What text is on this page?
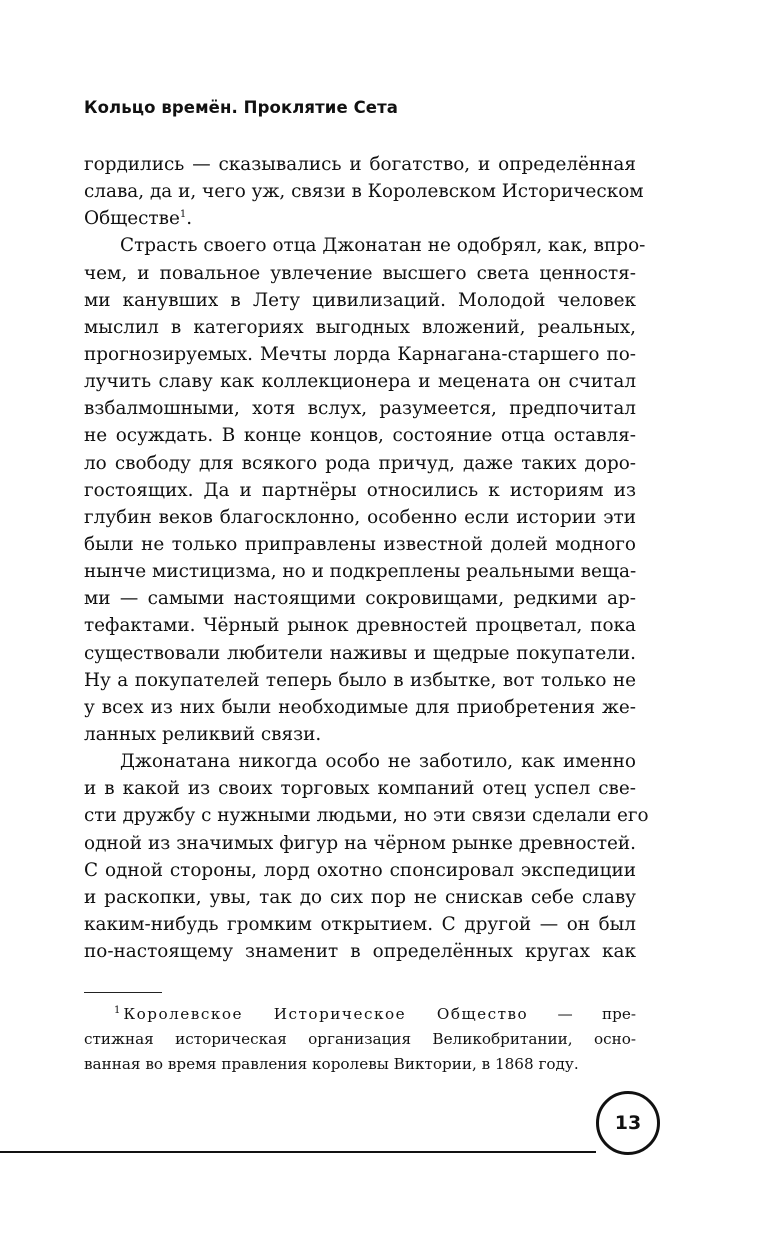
Кольцо времён. Проклятие Сета
гордились — сказывались и богатство, и определённая
слава, да и, чего уж, связи в Королевском Историческом
Обществе$^1$.
Страсть своего отца Джонатан не одобрял, как, впро-
чем, и повальное увлечение высшего света ценностя-
ми канувших в Лету цивилизаций. Молодой человек
мыслил в категориях выгодных вложений, реальных,
прогнозируемых. Мечты лорда Карнагана-старшего по-
лучить славу как коллекционера и мецената он считал
взбалмошными, хотя вслух, разумеется, предпочитал
не осуждать. В конце концов, состояние отца оставля-
ло свободу для всякого рода причуд, даже таких доро-
гостоящих. Да и партнёры относились к историям из
глубин веков благосклонно, особенно если истории эти
были не только приправлены известной долей модного
нынче мистицизма, но и подкреплены реальными веща-
ми — самыми настоящими сокровищами, редкими ар-
тефактами. Чёрный рынок древностей процветал, пока
существовали любители наживы и щедрые покупатели.
Ну а покупателей теперь было в избытке, вот только не
у всех из них были необходимые для приобретения же-
ланных реликвий связи.
Джонатана никогда особо не заботило, как именно
и в какой из своих торговых компаний отец успел све-
сти дружбу с нужными людьми, но эти связи сделали его
одной из значимых фигур на чёрном рынке древностей.
С одной стороны, лорд охотно спонсировал экспедиции
и раскопки, увы, так до сих пор не снискав себе славу
каким-нибудь громким открытием. С другой — он был
по-настоящему знаменит в определённых кругах как
$^1$ Королевское Историческое Общество — пре-
стижная историческая организация Великобритании, осно-
ванная во время правления королевы Виктории, в 1868 году.
13
